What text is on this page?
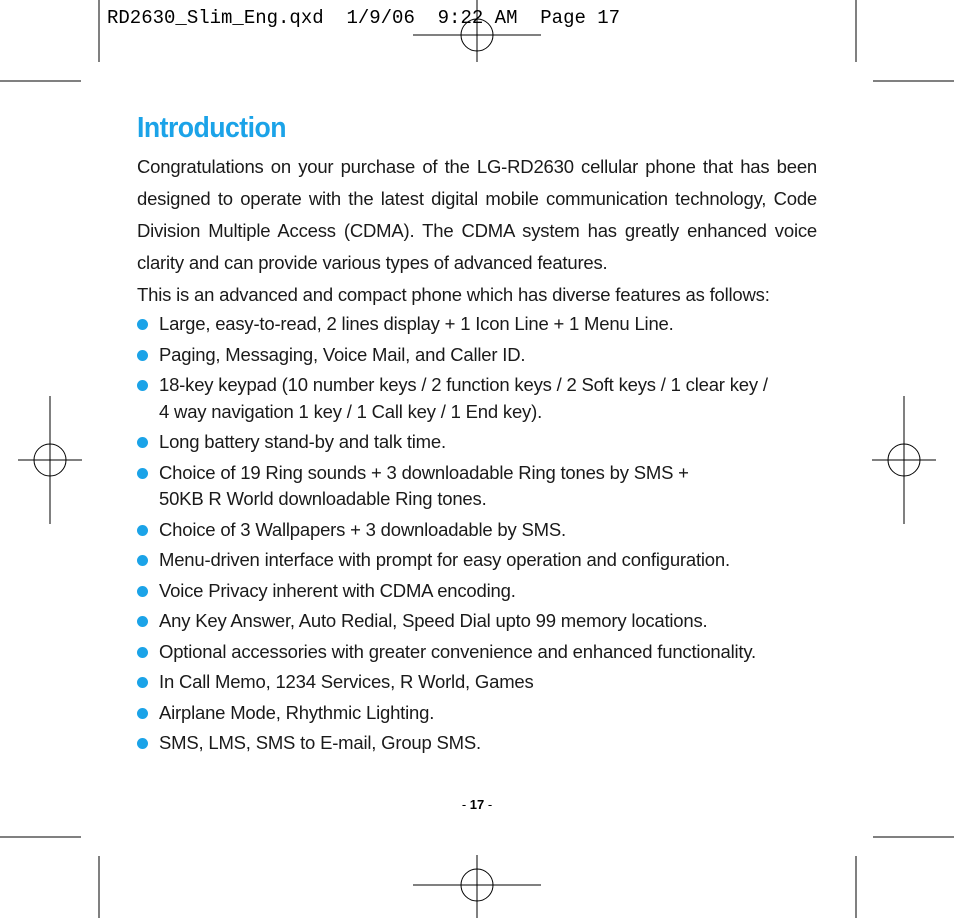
RD2630_Slim_Eng.qxd  1/9/06  9:22 AM  Page 17
Introduction

Congratulations on your purchase of the LG-RD2630 cellular phone that has been designed to operate with the latest digital mobile communication technology, Code Division Multiple Access (CDMA). The CDMA system has greatly enhanced voice clarity and can provide various types of advanced features.

This is an advanced and compact phone which has diverse features as follows:

Large, easy-to-read, 2 lines display + 1 Icon Line + 1 Menu Line.
Paging, Messaging, Voice Mail, and Caller ID.
18-key keypad (10 number keys / 2 function keys / 2 Soft keys / 1 clear key / 4 way navigation 1 key / 1 Call key / 1 End key).
Long battery stand-by and talk time.
Choice of 19 Ring sounds + 3 downloadable Ring tones by SMS + 50KB R World downloadable Ring tones.
Choice of 3 Wallpapers + 3 downloadable by SMS.
Menu-driven interface with prompt for easy operation and configuration.
Voice Privacy inherent with CDMA encoding.
Any Key Answer, Auto Redial, Speed Dial upto 99 memory locations.
Optional accessories with greater convenience and enhanced functionality.
In Call Memo, 1234 Services, R World, Games
Airplane Mode, Rhythmic Lighting.
SMS, LMS, SMS to E-mail, Group SMS.
- 17 -
